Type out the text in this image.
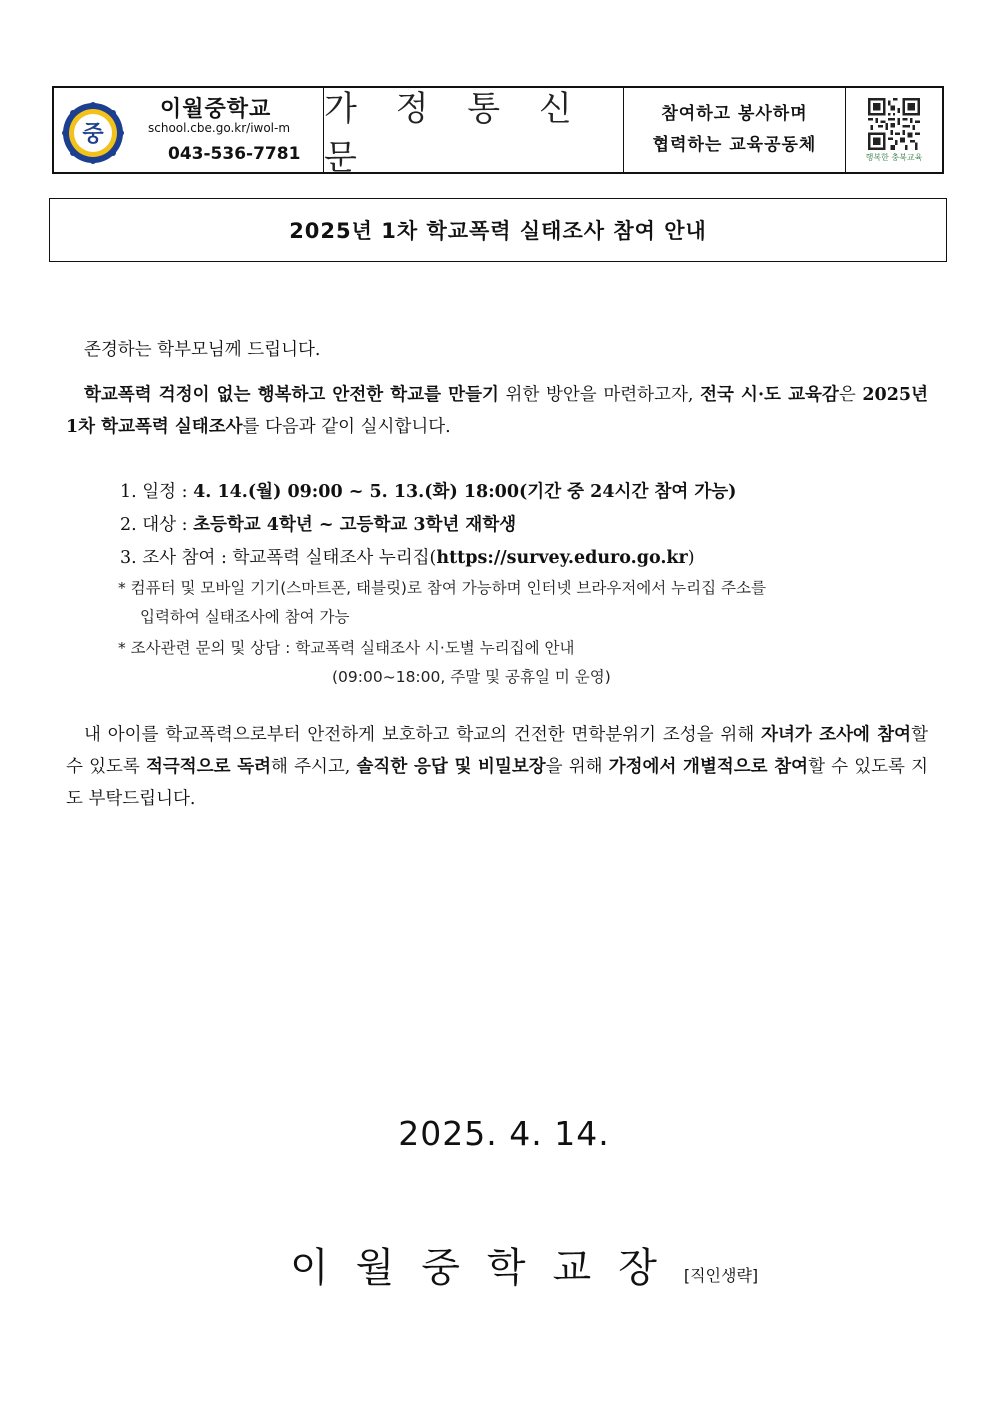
중
이월중학교
school.cbe.go.kr/iwol-m
043-536-7781
가 정 통 신 문
참여하고 봉사하며
협력하는 교육공동체
행복한 충북교육
2025년 1차 학교폭력 실태조사 참여 안내
존경하는 학부모님께 드립니다.
학교폭력 걱정이 없는 행복하고 안전한 학교를 만들기 위한 방안을 마련하고자, 전국 시·도 교육감은 2025년 1차 학교폭력 실태조사를 다음과 같이 실시합니다.
1. 일정 : 4. 14.(월) 09:00 ~ 5. 13.(화) 18:00(기간 중 24시간 참여 가능)
2. 대상 : 초등학교 4학년 ~ 고등학교 3학년 재학생
3. 조사 참여 : 학교폭력 실태조사 누리집(https://survey.eduro.go.kr)
* 컴퓨터 및 모바일 기기(스마트폰, 태블릿)로 참여 가능하며 인터넷 브라우저에서 누리집 주소를
입력하여 실태조사에 참여 가능
* 조사관련 문의 및 상담 : 학교폭력 실태조사 시·도별 누리집에 안내
(09:00~18:00, 주말 및 공휴일 미 운영)
내 아이를 학교폭력으로부터 안전하게 보호하고 학교의 건전한 면학분위기 조성을 위해 자녀가 조사에 참여할 수 있도록 적극적으로 독려해 주시고, 솔직한 응답 및 비밀보장을 위해 가정에서 개별적으로 참여할 수 있도록 지도 부탁드립니다.
2025. 4. 14.
이월중학교장[직인생략]
